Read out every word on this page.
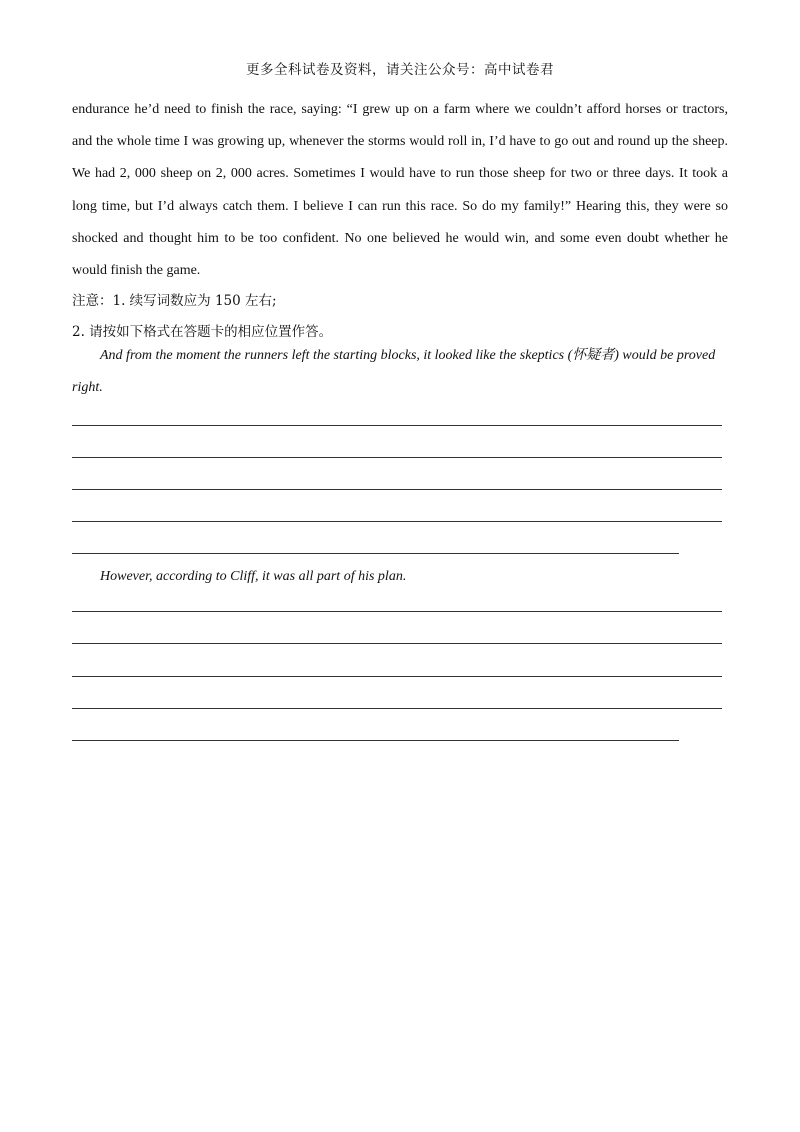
更多全科试卷及资料，请关注公众号：高中试卷君
endurance he’d need to finish the race, saying: “I grew up on a farm where we couldn’t afford horses or tractors,
and the whole time I was growing up, whenever the storms would roll in, I’d have to go out and round up the sheep.
We had 2, 000 sheep on 2, 000 acres. Sometimes I would have to run those sheep for two or three days. It took a
long time, but I’d always catch them. I believe I can run this race. So do my family!” Hearing this, they were so
shocked and thought him to be too confident. No one believed he would win, and some even doubt whether he
would finish the game.
注意：1. 续写词数应为 150 左右;
2. 请按如下格式在答题卡的相应位置作答。
And from the moment the runners left the starting blocks, it looked like the skeptics (怀疑者) would be proved
right.
However, according to Cliff, it was all part of his plan.
